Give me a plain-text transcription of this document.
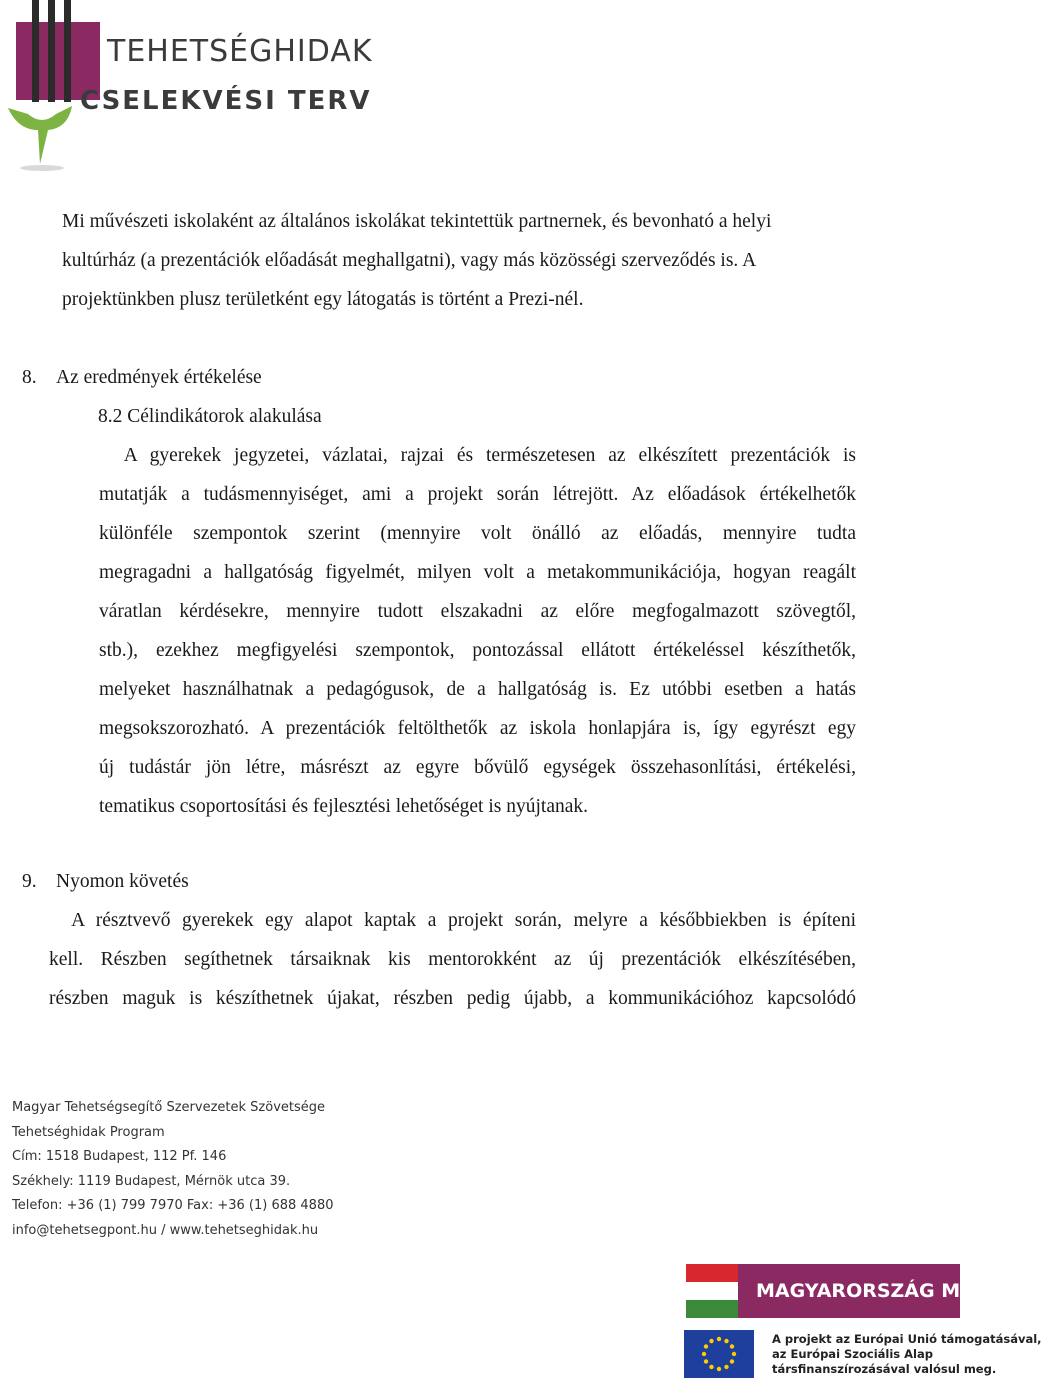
TEHETSÉGHIDAK
CSELEKVÉSI TERV
Mi művészeti iskolaként az általános iskolákat tekintettük partnernek, és bevonható a helyi
kultúrház (a prezentációk előadását meghallgatni), vagy más közösségi szerveződés is. A
projektünkben plusz területként egy látogatás is történt a Prezi-nél.
8. Az eredmények értékelése
8.2 Célindikátorok alakulása
A gyerekek jegyzetei, vázlatai, rajzai és természetesen az elkészített prezentációk is
mutatják a tudásmennyiséget, ami a projekt során létrejött. Az előadások értékelhetők
különféle szempontok szerint (mennyire volt önálló az előadás, mennyire tudta
megragadni a hallgatóság figyelmét, milyen volt a metakommunikációja, hogyan reagált
váratlan kérdésekre, mennyire tudott elszakadni az előre megfogalmazott szövegtől,
stb.), ezekhez megfigyelési szempontok, pontozással ellátott értékeléssel készíthetők,
melyeket használhatnak a pedagógusok, de a hallgatóság is. Ez utóbbi esetben a hatás
megsokszorozható. A prezentációk feltölthetők az iskola honlapjára is, így egyrészt egy
új tudástár jön létre, másrészt az egyre bővülő egységek összehasonlítási, értékelési,
tematikus csoportosítási és fejlesztési lehetőséget is nyújtanak.
9. Nyomon követés
A résztvevő gyerekek egy alapot kaptak a projekt során, melyre a későbbiekben is építeni
kell. Részben segíthetnek társaiknak kis mentorokként az új prezentációk elkészítésében,
részben maguk is készíthetnek újakat, részben pedig újabb, a kommunikációhoz kapcsolódó
Magyar Tehetségsegítő Szervezetek Szövetsége
Tehetséghidak Program
Cím: 1518 Budapest, 112 Pf. 146
Székhely: 1119 Budapest, Mérnök utca 39.
Telefon: +36 (1) 799 7970 Fax: +36 (1) 688 4880
info@tehetsegpont.hu / www.tehetseghidak.hu
MAGYARORSZÁG MEGÚJUL
A projekt az Európai Unió támogatásával,
az Európai Szociális Alap
társfinanszírozásával valósul meg.
